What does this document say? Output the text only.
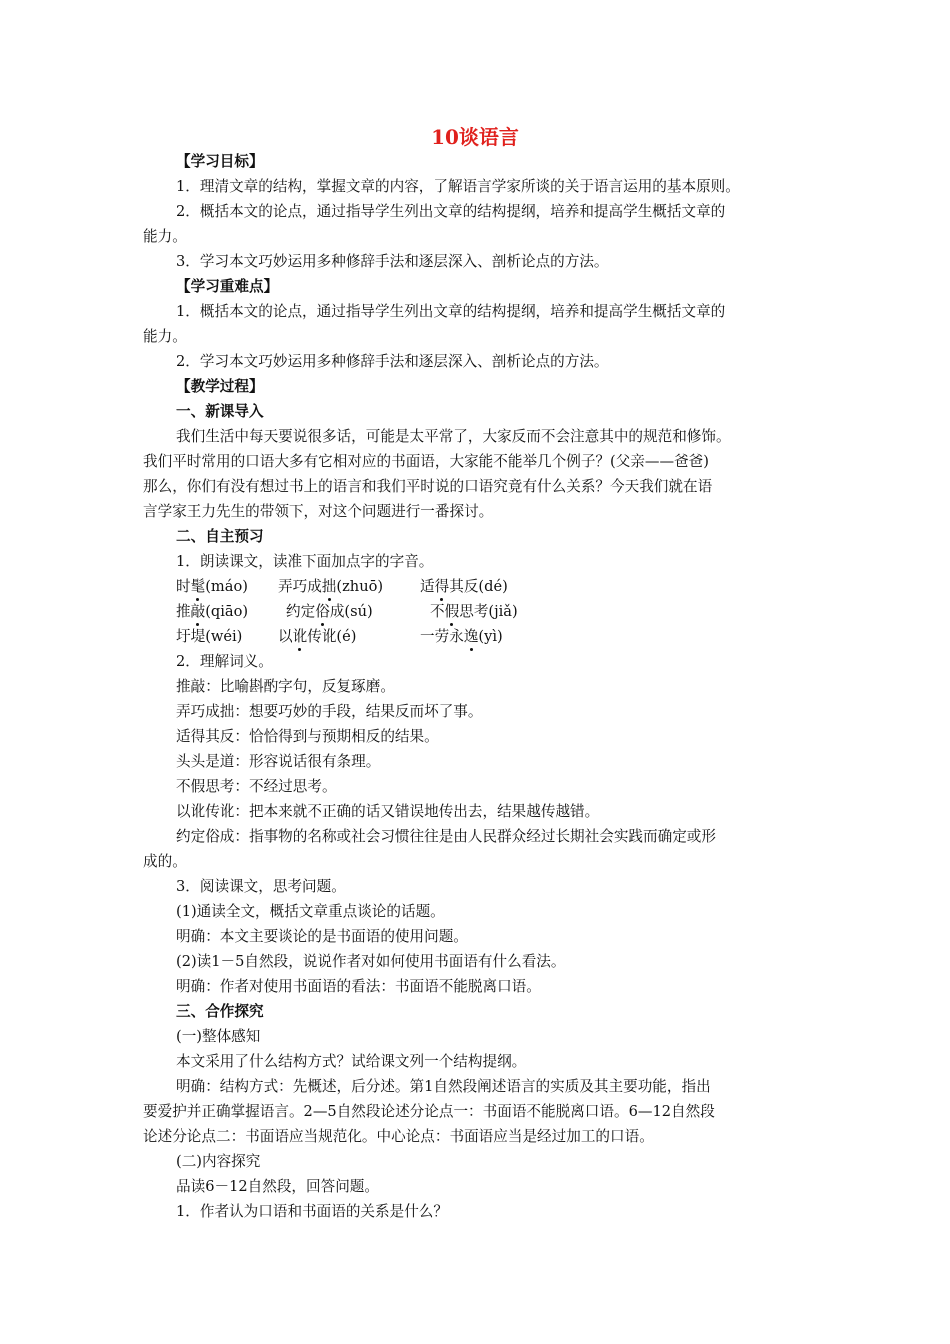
10谈语言
【学习目标】
1．理清文章的结构，掌握文章的内容，了解语言学家所谈的关于语言运用的基本原则。
2．概括本文的论点，通过指导学生列出文章的结构提纲，培养和提高学生概括文章的
能力。
3．学习本文巧妙运用多种修辞手法和逐层深入、剖析论点的方法。
【学习重难点】
1．概括本文的论点，通过指导学生列出文章的结构提纲，培养和提高学生概括文章的
能力。
2．学习本文巧妙运用多种修辞手法和逐层深入、剖析论点的方法。
【教学过程】
一、新课导入
我们生活中每天要说很多话，可能是太平常了，大家反而不会注意其中的规范和修饰。
我们平时常用的口语大多有它相对应的书面语，大家能不能举几个例子？(父亲——爸爸)
那么，你们有没有想过书上的语言和我们平时说的口语究竟有什么关系？今天我们就在语
言学家王力先生的带领下，对这个问题进行一番探讨。
二、自主预习
1．朗读课文，读准下面加点字的字音。
2．理解词义。
推敲：比喻斟酌字句，反复琢磨。
弄巧成拙：想要巧妙的手段，结果反而坏了事。
适得其反：恰恰得到与预期相反的结果。
头头是道：形容说话很有条理。
不假思考：不经过思考。
以讹传讹：把本来就不正确的话又错误地传出去，结果越传越错。
约定俗成：指事物的名称或社会习惯往往是由人民群众经过长期社会实践而确定或形
成的。
3．阅读课文，思考问题。
(1)通读全文，概括文章重点谈论的话题。
明确：本文主要谈论的是书面语的使用问题。
(2)读1－5自然段，说说作者对如何使用书面语有什么看法。
明确：作者对使用书面语的看法：书面语不能脱离口语。
三、合作探究
(一)整体感知
本文采用了什么结构方式？试给课文列一个结构提纲。
明确：结构方式：先概述，后分述。第1自然段阐述语言的实质及其主要功能，指出
要爱护并正确掌握语言。2—5自然段论述分论点一：书面语不能脱离口语。6—12自然段
论述分论点二：书面语应当规范化。中心论点：书面语应当是经过加工的口语。
(二)内容探究
品读6－12自然段，回答问题。
1．作者认为口语和书面语的关系是什么？
时髦(máo) 弄巧成拙(zhuō)	适得其反(dé)
推敲(qiāo)	约定俗成(sú)	不假思考(jiǎ)
圩堤(wéi) 以讹传讹(é)	一劳永逸(yì)
